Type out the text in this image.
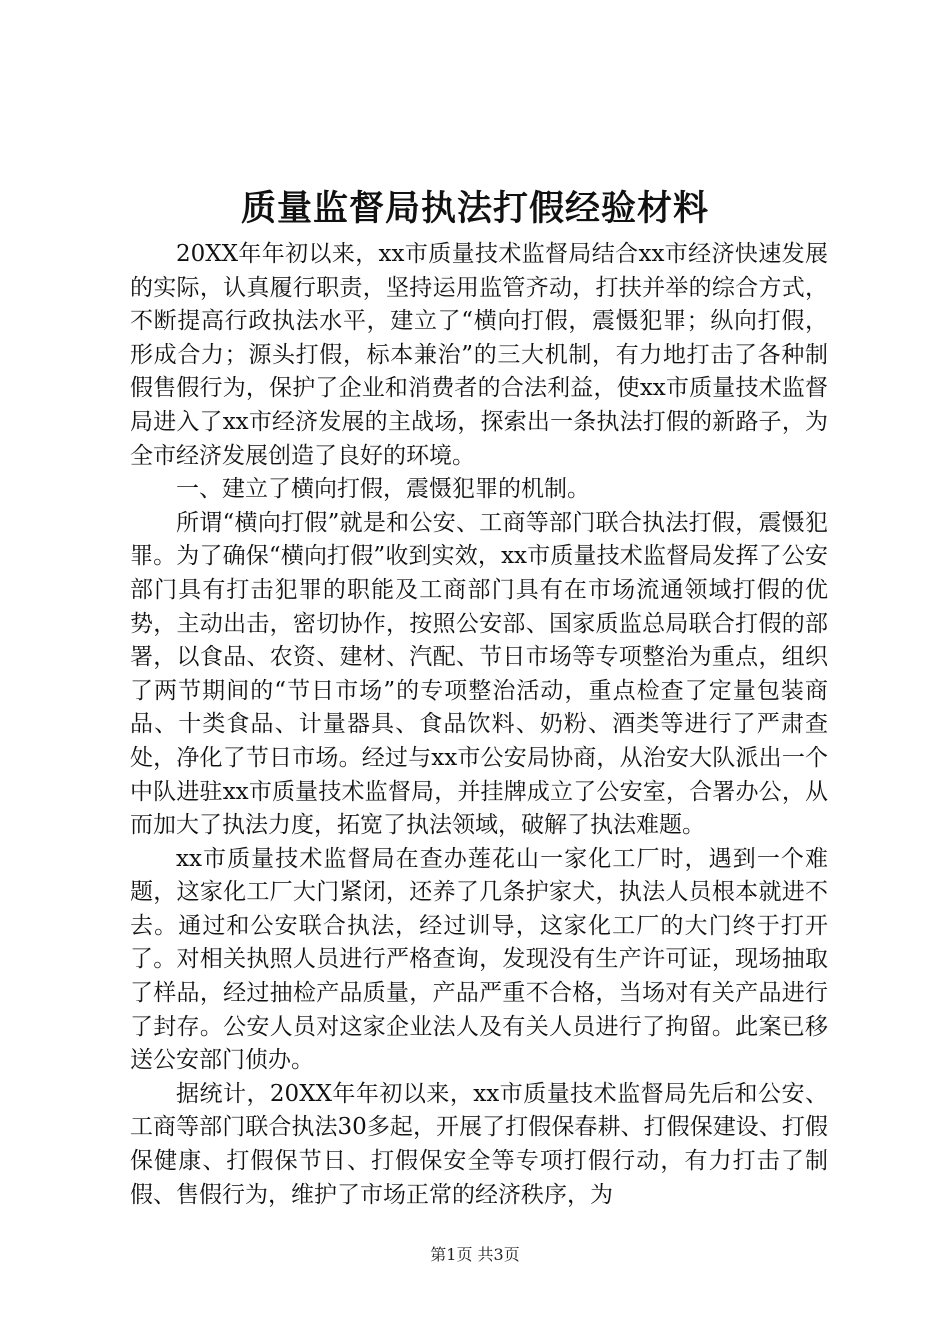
质量监督局执法打假经验材料

20XX年年初以来，xx市质量技术监督局结合xx市经济快速发展的实际，认真履行职责，坚持运用监管齐动，打扶并举的综合方式，不断提高行政执法水平，建立了“横向打假，震慑犯罪；纵向打假，形成合力；源头打假，标本兼治”的三大机制，有力地打击了各种制假售假行为，保护了企业和消费者的合法利益，使xx市质量技术监督局进入了xx市经济发展的主战场，探索出一条执法打假的新路子，为全市经济发展创造了良好的环境。

一、建立了横向打假，震慑犯罪的机制。

所谓“横向打假”就是和公安、工商等部门联合执法打假，震慑犯罪。为了确保“横向打假”收到实效，xx市质量技术监督局发挥了公安部门具有打击犯罪的职能及工商部门具有在市场流通领域打假的优势，主动出击，密切协作，按照公安部、国家质监总局联合打假的部署，以食品、农资、建材、汽配、节日市场等专项整治为重点，组织了两节期间的“节日市场”的专项整治活动，重点检查了定量包装商品、十类食品、计量器具、食品饮料、奶粉、酒类等进行了严肃查处，净化了节日市场。经过与xx市公安局协商，从治安大队派出一个中队进驻xx市质量技术监督局，并挂牌成立了公安室，合署办公，从而加大了执法力度，拓宽了执法领域，破解了执法难题。

xx市质量技术监督局在查办莲花山一家化工厂时，遇到一个难题，这家化工厂大门紧闭，还养了几条护家犬，执法人员根本就进不去。通过和公安联合执法，经过训导，这家化工厂的大门终于打开了。对相关执照人员进行严格查询，发现没有生产许可证，现场抽取了样品，经过抽检产品质量，产品严重不合格，当场对有关产品进行了封存。公安人员对这家企业法人及有关人员进行了拘留。此案已移送公安部门侦办。

据统计，20XX年年初以来，xx市质量技术监督局先后和公安、工商等部门联合执法30多起，开展了打假保春耕、打假保建设、打假保健康、打假保节日、打假保安全等专项打假行动，有力打击了制假、售假行为，维护了市场正常的经济秩序，为

第1页 共3页
